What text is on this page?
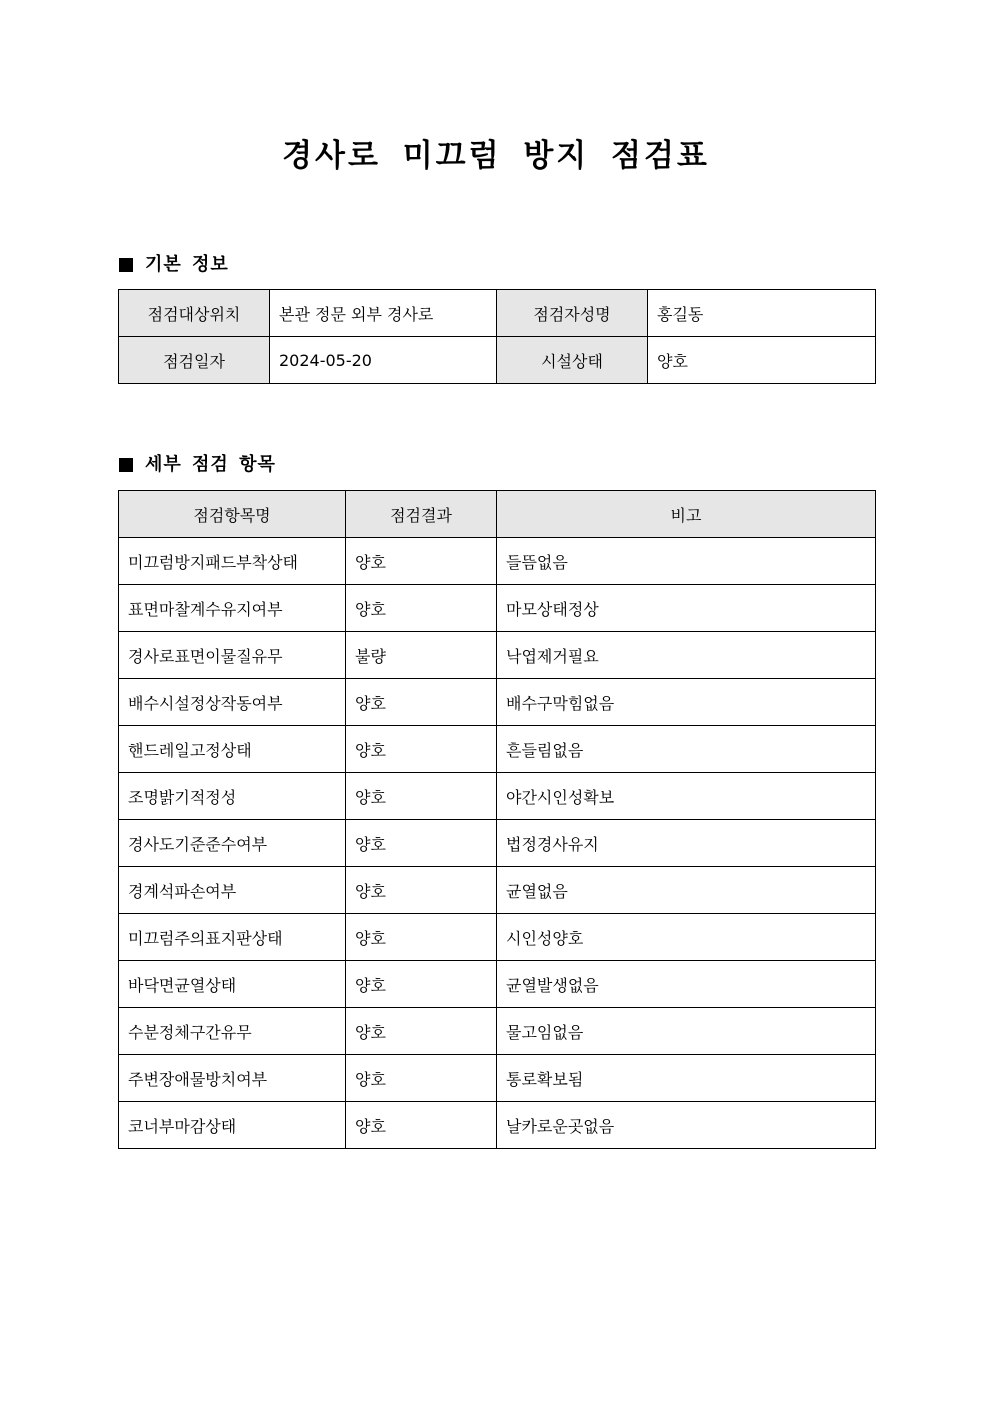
경사로 미끄럼 방지 점검표
기본 정보
점검대상위치	본관 정문 외부 경사로	점검자성명	홍길동
점검일자	2024-05-20	시설상태	양호
세부 점검 항목
점검항목명	점검결과	비고
미끄럼방지패드부착상태	양호	들뜸없음
표면마찰계수유지여부	양호	마모상태정상
경사로표면이물질유무	불량	낙엽제거필요
배수시설정상작동여부	양호	배수구막힘없음
핸드레일고정상태	양호	흔들림없음
조명밝기적정성	양호	야간시인성확보
경사도기준준수여부	양호	법정경사유지
경계석파손여부	양호	균열없음
미끄럼주의표지판상태	양호	시인성양호
바닥면균열상태	양호	균열발생없음
수분정체구간유무	양호	물고임없음
주변장애물방치여부	양호	통로확보됨
코너부마감상태	양호	날카로운곳없음
